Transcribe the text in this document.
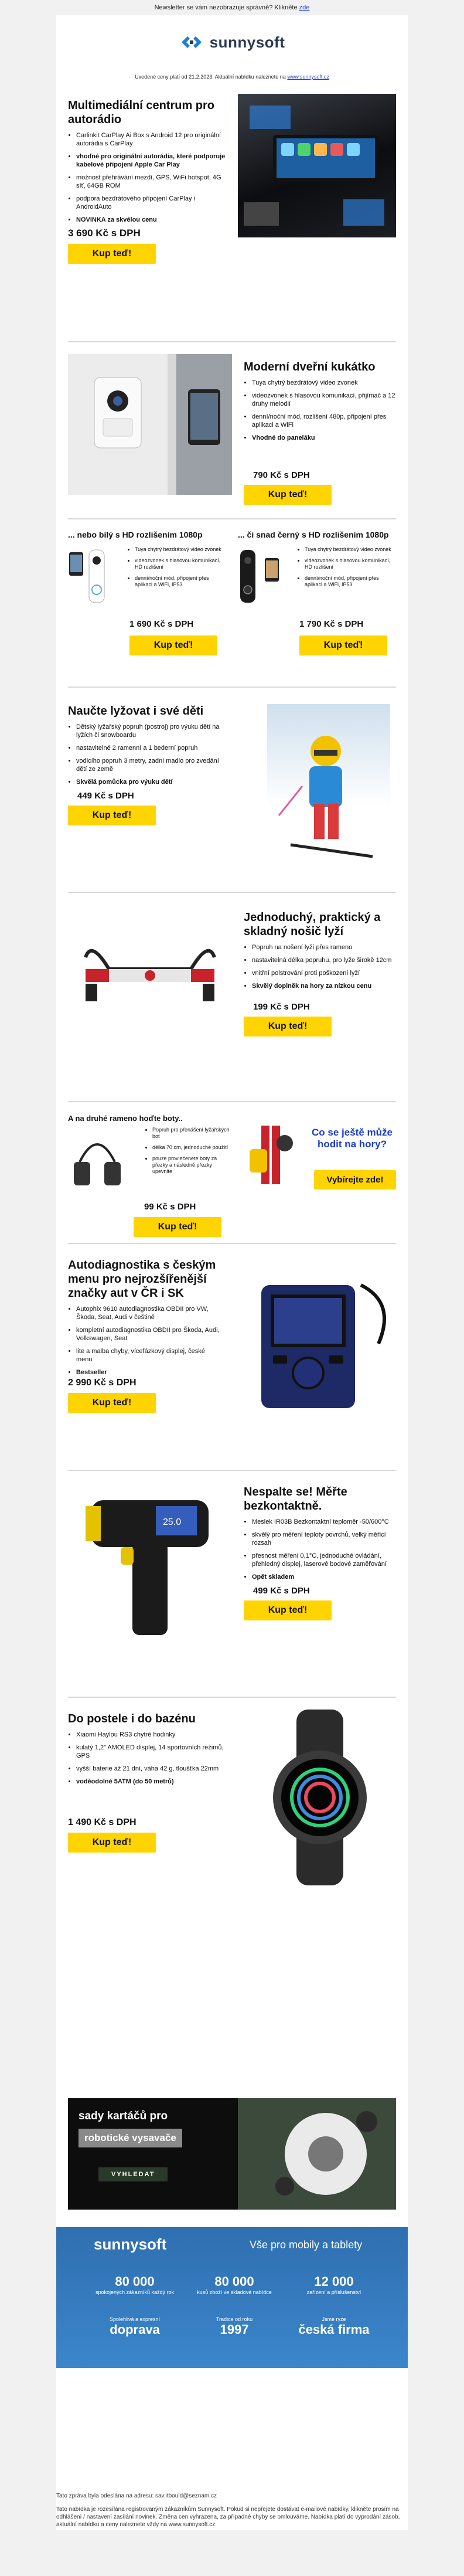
Newsletter se vám nezobrazuje správně? Klikněte zde
sunnysoft
Uvedené ceny platí od 21.2.2023. Aktuální nabídku naleznete na www.sunnysoft.cz
Multimediální centrum pro autorádio
• Carlinkit CarPlay Ai Box s Android 12 pro originální autorádia s CarPlay
• vhodné pro originální autorádia, které podporuje kabelové připojení Apple Car Play
• možnost přehrávání mezdí, GPS, WiFi hotspot, 4G síť, 64GB ROM
• podpora bezdrátového připojení CarPlay i AndroidAuto
• NOVINKA za skvělou cenu
3 690 Kč s DPH
Kup teď!
Moderní dveřní kukátko
• Tuya chytrý bezdrátový video zvonek
• videozvonek s hlasovou komunikací, přijímač a 12 druhy melodií
• denní/noční mód, rozlišení 480p, připojení přes aplikaci a WiFi
• Vhodné do paneláku
790 Kč s DPH
Kup teď!
... nebo bílý s HD rozlišením 1080p
• Tuya chytrý bezdrátový video zvonek
• videozvonek s hlasovou komunikací, HD rozlišení
• denní/noční mód, připojení přes aplikaci a WiFi, IP53
1 690 Kč s DPH
Kup teď!
... či snad černý s HD rozlišením 1080p
• Tuya chytrý bezdrátový video zvonek
• videozvonek s hlasovou komunikací, HD rozlišení
• denní/noční mód, připojení přes aplikaci a WiFi, IP53
1 790 Kč s DPH
Kup teď!
Naučte lyžovat i své děti
• Dětský lyžařský popruh (postroj) pro výuku dětí na lyžích či snowboardu
• nastavitelné 2 ramenní a 1 bederní popruh
• vodicího popruh 3 metry, zadní madlo pro zvedání dětí ze země
• Skvělá pomůcka pro výuku dětí
449 Kč s DPH
Kup teď!
Jednoduchý, praktický a skladný nošič lyží
• Popruh na nošení lyží přes rameno
• nastavitelná délka popruhu, pro lyže širokě 12cm
• vnitřní polstrování proti poškození lyží
• Skvělý doplněk na hory za nízkou cenu
199 Kč s DPH
Kup teď!
A na druhé rameno hoďte boty..
• Popruh pro přenášení lyžařských bot
• délka 70 cm, jednoduché použití
• pouze provlečenete boty za přezky a následně přezky upevnite
99 Kč s DPH
Kup teď!
Co se ještě může hodit na hory?
Vybírejte zde!
Autodiagnostika s českým menu pro nejrozšířenější značky aut v ČR i SK
• Autophix 9610 autodiagnostika OBDII pro VW, Škoda, Seat, Audi v češtině
• kompletní autodiagnostika OBDII pro Škoda, Audi, Volkswagen, Seat
• lite a malba chyby, vícefázkový displej, české menu
• Bestseller
2 990 Kč s DPH
Kup teď!
25.0
Nespalte se! Měřte bezkontaktně.
• Meslek IR03B Bezkontaktní teploměr -50/600°C
• skvělý pro měření teploty povrchů, velký měřicí rozsah
• přesnost měření 0,1°C, jednoduché ovládání, přehledný displej, laserové bodové zaměřování
• Opět skladem
499 Kč s DPH
Kup teď!
Do postele i do bazénu
• Xiaomi Haylou RS3 chytré hodinky
• kulatý 1,2" AMOLED displej, 14 sportovních režimů, GPS
• vyšší baterie až 21 dní, váha 42 g, tloušťka 22mm
• voděodolné 5ATM (do 50 metrů)
1 490 Kč s DPH
Kup teď!
sady kartáčů pro
robotické vysavače
VYHLEDAT
sunnysoft	Vše pro mobily a tablety
80 000
spokojených zákazníků každý rok
80 000
kusů zboží ve skladové nabídce
12 000
zařízení a příslušenství
Spolehlivá a expresní
doprava
Tradice od roku
1997
Jsme ryze
česká firma
Tato zpráva byla odeslána na adresu: sav.itbould@seznam.cz
Tato nabídka je rozesílána registrovaným zákazníkům Sunnysoft. Pokud si nepřejete dostávat e-mailové nabídky, klikněte prosím na odhlášení / nastavení zasílání novinek. Změna cen vyhrazena, za případné chyby se omlouváme. Nabídka platí do vyprodání zásob, aktuální nabídku a ceny naleznete vždy na www.sunnysoft.cz.
